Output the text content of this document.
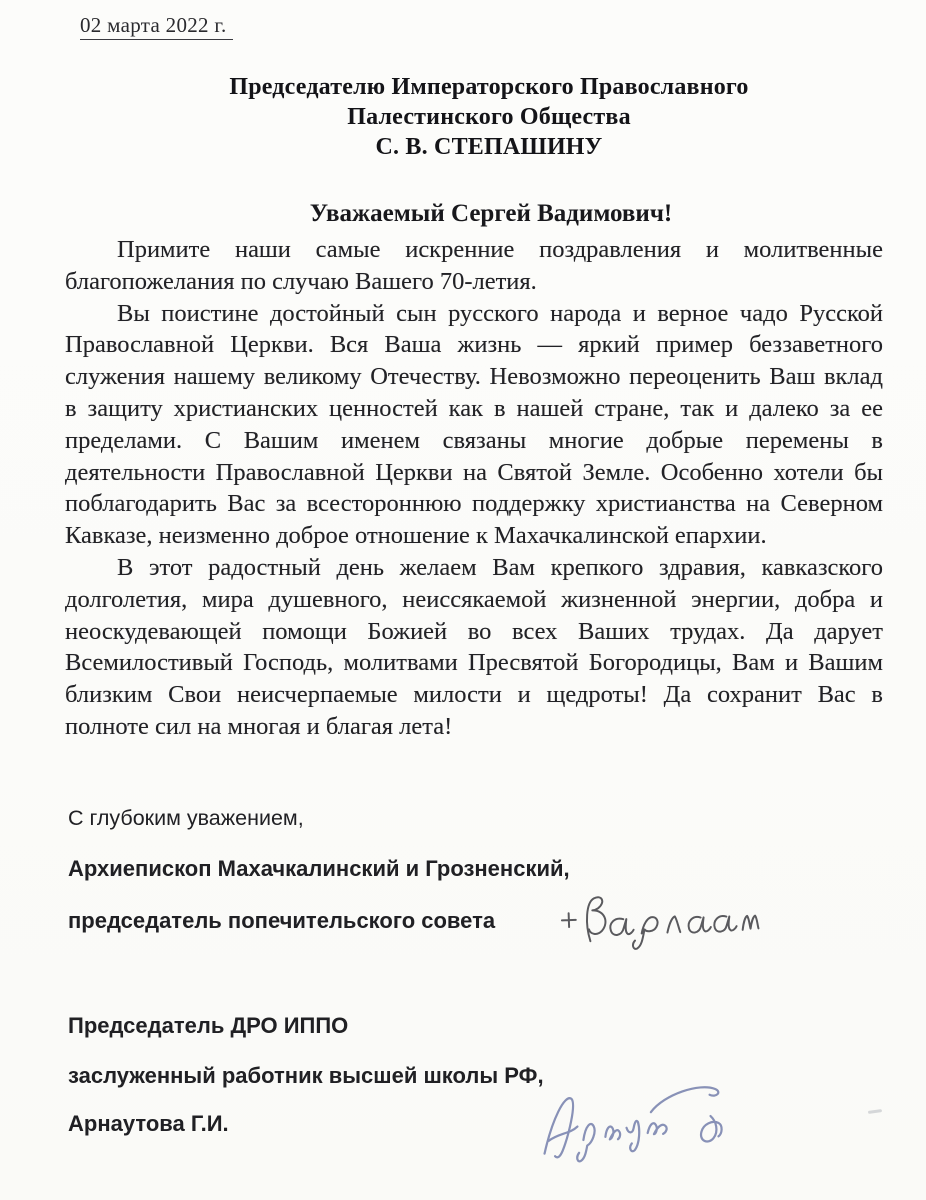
02 марта 2022 г.
Председателю Императорского Православного
Палестинского Общества
С. В. СТЕПАШИНУ
Уважаемый Сергей Вадимович!
Примите наши самые искренние поздравления и молитвенные
благопожелания по случаю Вашего 70-летия.
Вы поистине достойный сын русского народа и верное чадо Русской
Православной Церкви. Вся Ваша жизнь — яркий пример беззаветного
служения нашему великому Отечеству. Невозможно переоценить Ваш вклад
в защиту христианских ценностей как в нашей стране, так и далеко за ее
пределами. С Вашим именем связаны многие добрые перемены в
деятельности Православной Церкви на Святой Земле. Особенно хотели бы
поблагодарить Вас за всестороннюю поддержку христианства на Северном
Кавказе, неизменно доброе отношение к Махачкалинской епархии.
В этот радостный день желаем Вам крепкого здравия, кавказского
долголетия, мира душевного, неиссякаемой жизненной энергии, добра и
неоскудевающей помощи Божией во всех Ваших трудах. Да дарует
Всемилостивый Господь, молитвами Пресвятой Богородицы, Вам и Вашим
близким Свои неисчерпаемые милости и щедроты! Да сохранит Вас в
полноте сил на многая и благая лета!
С глубоким уважением,
Архиепископ Махачкалинский и Грозненский,
председатель попечительского совета
Председатель ДРО ИППО
заслуженный работник высшей школы РФ,
Арнаутова Г.И.
